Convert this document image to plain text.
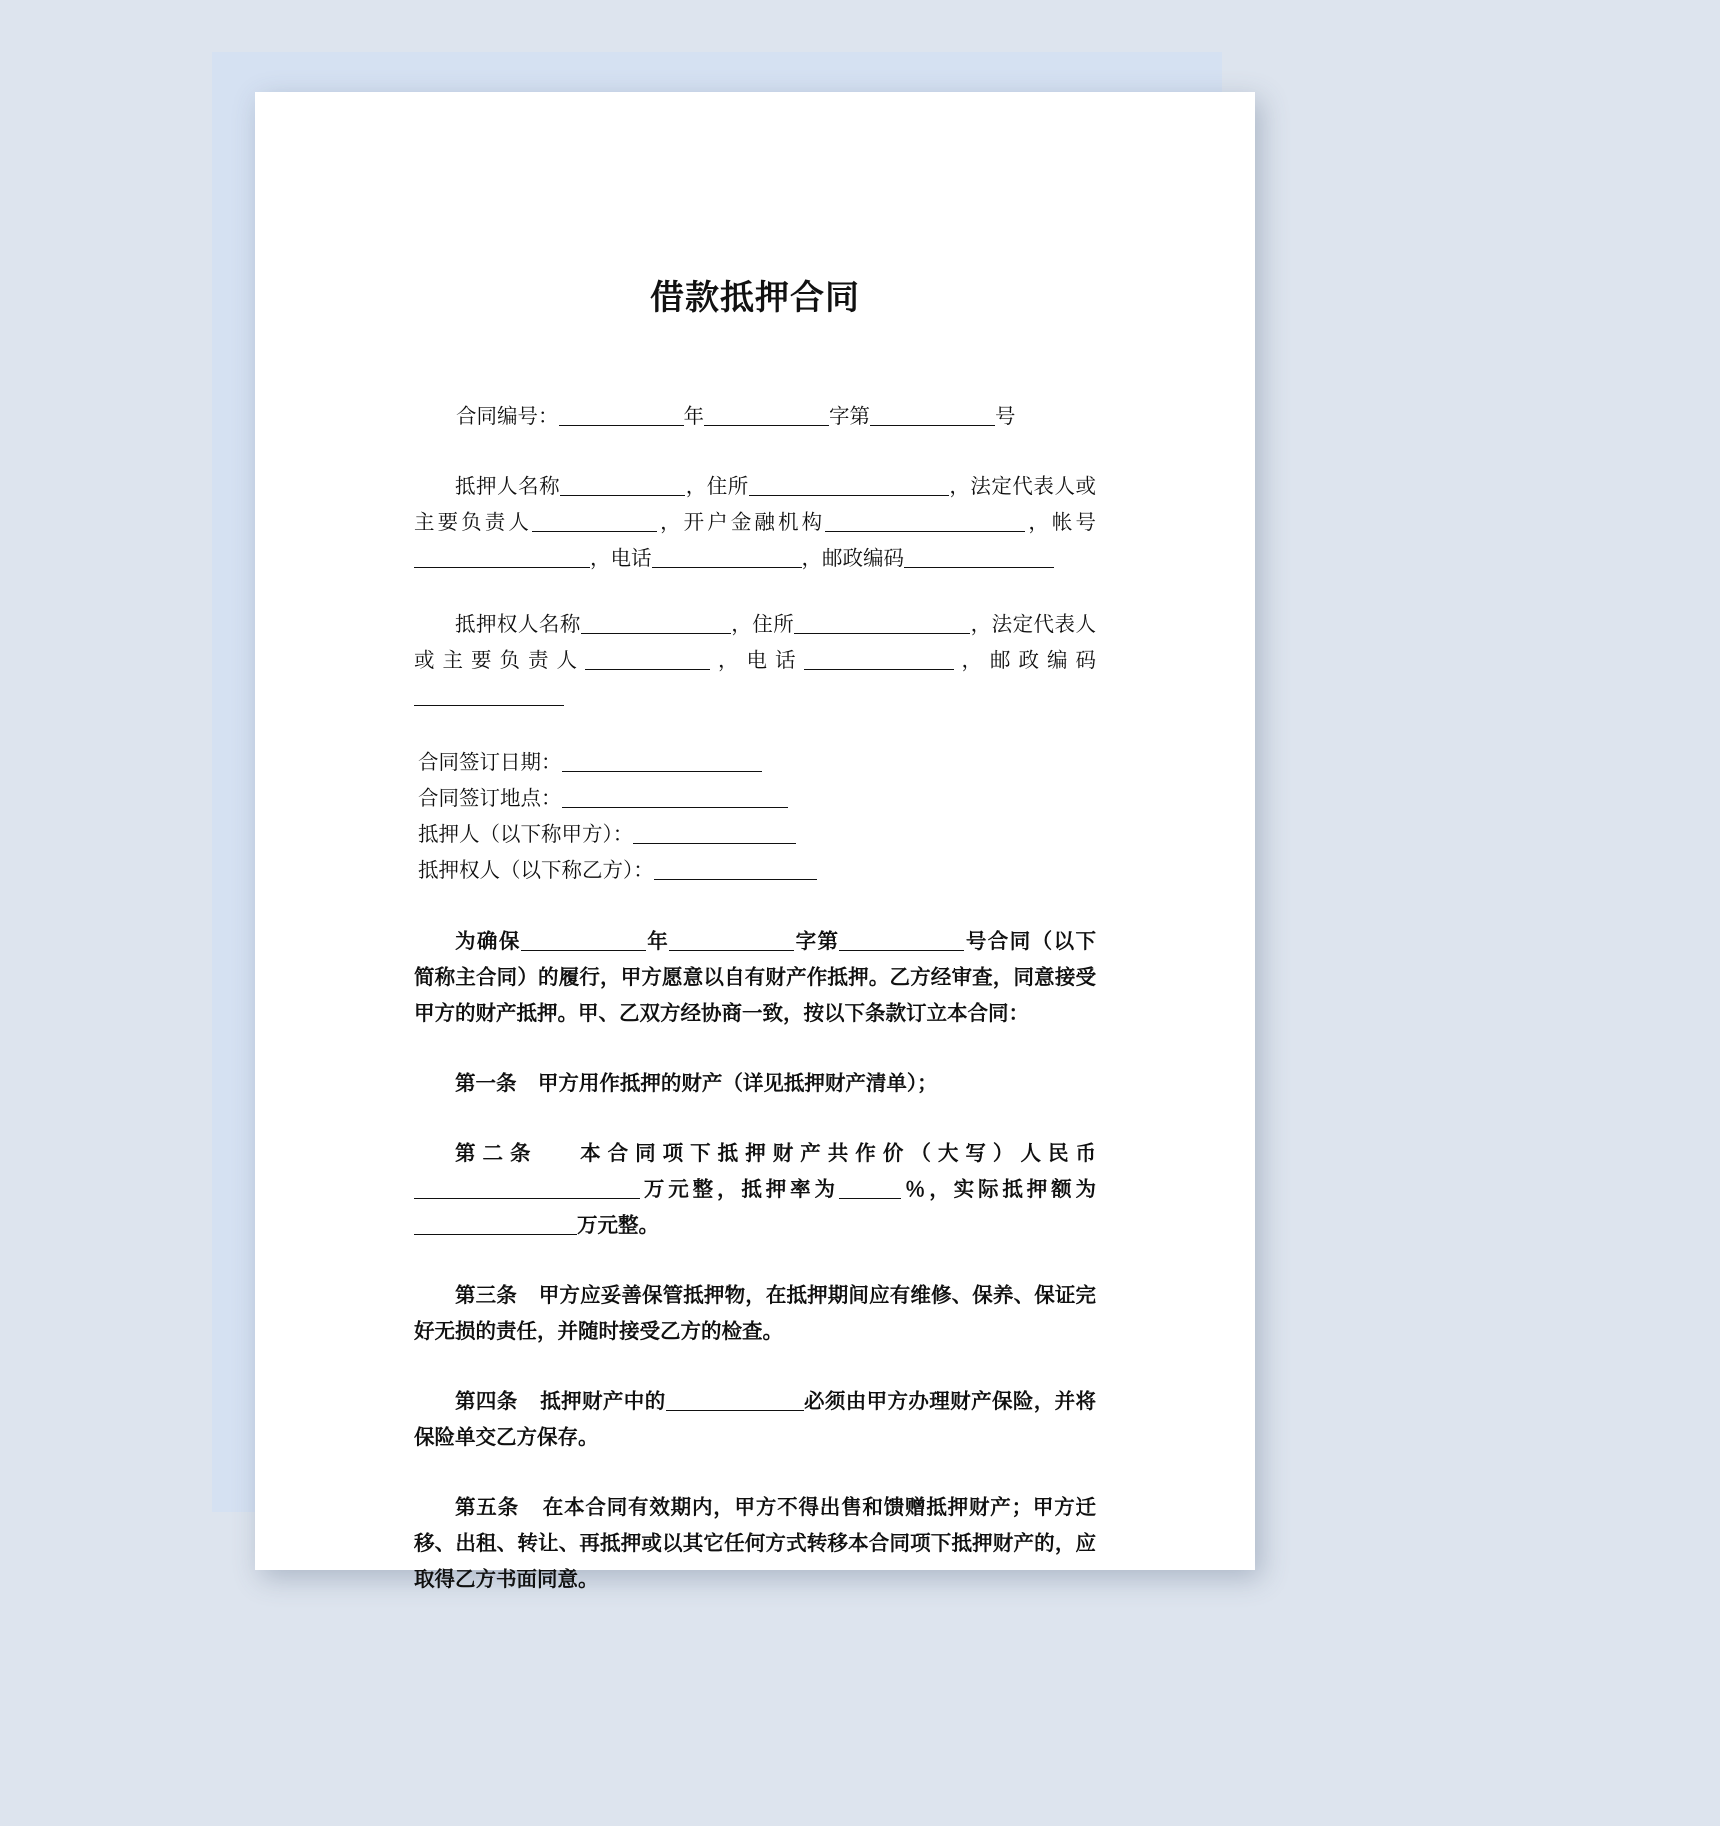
借款抵押合同

合同编号：	年	字第	号

抵押人名称	，住所	，法定代表人或主要负责人	，开户金融机构	，帐号，电话	，邮政编码

抵押权人名称	，住所	，法定代表人或主要负责人	，电话	，邮政编码

合同签订日期：

合同签订地点：

抵押人（以下称甲方）：

抵押权人（以下称乙方）：

为确保	年	字第	号合同（以下简称主合同）的履行，甲方愿意以自有财产作抵押。乙方经审查，同意接受甲方的财产抵押。甲、乙双方经协商一致，按以下条款订立本合同：

第一条 甲方用作抵押的财产（详见抵押财产清单）；

第二条 本合同项下抵押财产共作价（大写）人民币万元整，抵押率为	％，实际抵押额为万元整。

第三条 甲方应妥善保管抵押物，在抵押期间应有维修、保养、保证完好无损的责任，并随时接受乙方的检查。

第四条 抵押财产中的	必须由甲方办理财产保险，并将保险单交乙方保存。

第五条 在本合同有效期内，甲方不得出售和馈赠抵押财产；甲方迁移、出租、转让、再抵押或以其它任何方式转移本合同项下抵押财产的，应取得乙方书面同意。
